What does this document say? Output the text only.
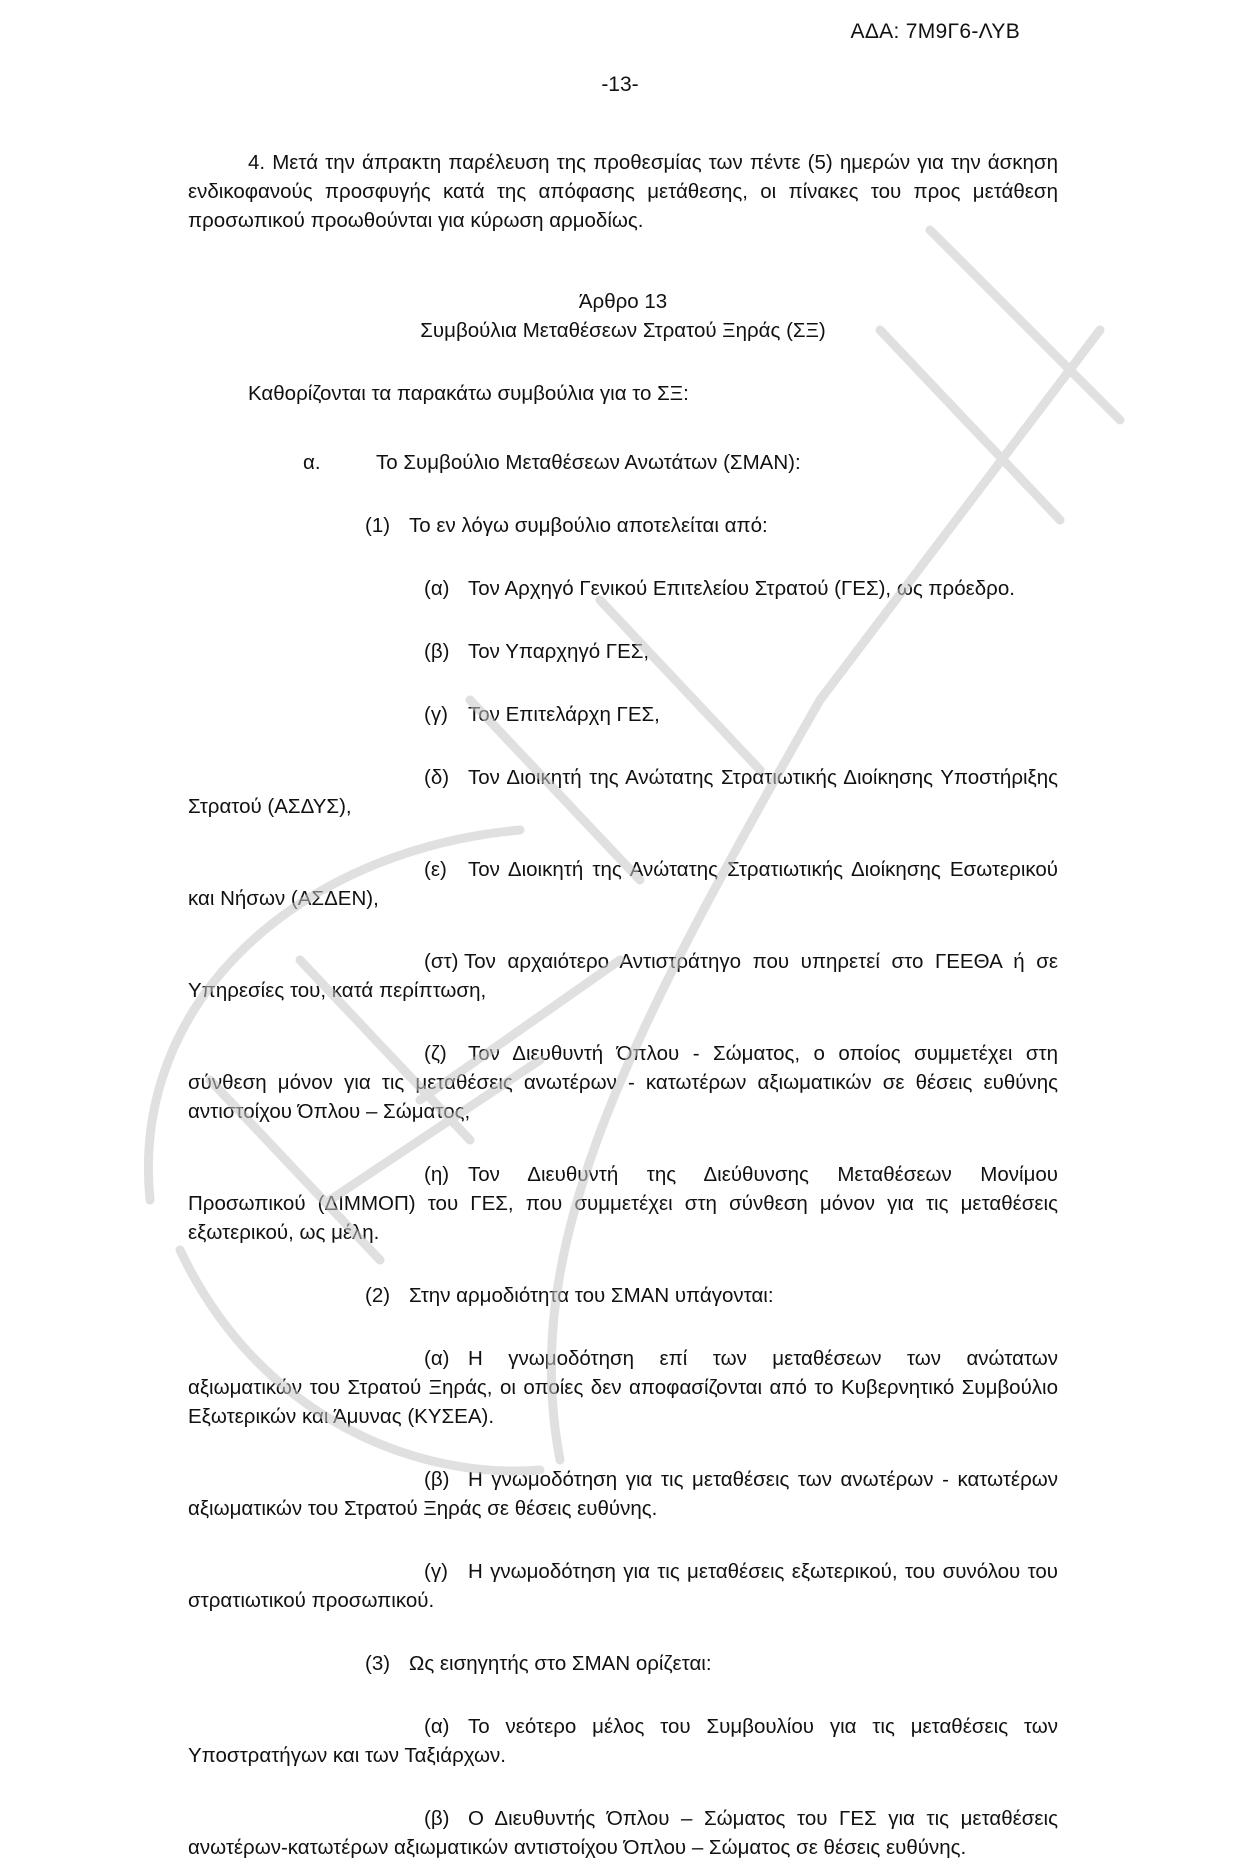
ΑΔΑ: 7Μ9Γ6-ΛΥΒ
-13-

4. Μετά την άπρακτη παρέλευση της προθεσμίας των πέντε (5) ημερών για την άσκηση ενδικοφανούς προσφυγής κατά της απόφασης μετάθεσης, οι πίνακες του προς μετάθεση προσωπικού προωθούνται για κύρωση αρμοδίως.

Άρθρο 13
Συμβούλια Μεταθέσεων Στρατού Ξηράς (ΣΞ)

Καθορίζονται τα παρακάτω συμβούλια για το ΣΞ:

α.	Το Συμβούλιο Μεταθέσεων Ανωτάτων (ΣΜΑΝ):
(1) Το εν λόγω συμβούλιο αποτελείται από:

(α) Τον Αρχηγό Γενικού Επιτελείου Στρατού (ΓΕΣ), ως πρόεδρο.

(β) Τον Υπαρχηγό ΓΕΣ,

(γ) Τον Επιτελάρχη ΓΕΣ,

(δ) Τον Διοικητή της Ανώτατης Στρατιωτικής Διοίκησης Υποστήριξης Στρατού (ΑΣΔΥΣ),

(ε) Τον Διοικητή της Ανώτατης Στρατιωτικής Διοίκησης Εσωτερικού και Νήσων (ΑΣΔΕΝ),

(στ) Τον αρχαιότερο Αντιστράτηγο που υπηρετεί στο ΓΕΕΘΑ ή σε Υπηρεσίες του, κατά περίπτωση,

(ζ) Τον Διευθυντή Όπλου - Σώματος, ο οποίος συμμετέχει στη σύνθεση μόνον για τις μεταθέσεις ανωτέρων - κατωτέρων αξιωματικών σε θέσεις ευθύνης αντιστοίχου Όπλου – Σώματος,

(η) Τον Διευθυντή της Διεύθυνσης Μεταθέσεων Μονίμου Προσωπικού (ΔΙΜΜΟΠ) του ΓΕΣ, που συμμετέχει στη σύνθεση μόνον για τις μεταθέσεις εξωτερικού, ως μέλη.

(2) Στην αρμοδιότητα του ΣΜΑΝ υπάγονται:

(α) Η γνωμοδότηση επί των μεταθέσεων των ανώτατων αξιωματικών του Στρατού Ξηράς, οι οποίες δεν αποφασίζονται από το Κυβερνητικό Συμβούλιο Εξωτερικών και Άμυνας (ΚΥΣΕΑ).

(β) Η γνωμοδότηση για τις μεταθέσεις των ανωτέρων - κατωτέρων αξιωματικών του Στρατού Ξηράς σε θέσεις ευθύνης.

(γ) Η γνωμοδότηση για τις μεταθέσεις εξωτερικού, του συνόλου του στρατιωτικού προσωπικού.

(3) Ως εισηγητής στο ΣΜΑΝ ορίζεται:

(α) Το νεότερο μέλος του Συμβουλίου για τις μεταθέσεις των Υποστρατήγων και των Ταξιάρχων.

(β) Ο Διευθυντής Όπλου – Σώματος του ΓΕΣ για τις μεταθέσεις ανωτέρων-κατωτέρων αξιωματικών αντιστοίχου Όπλου – Σώματος σε θέσεις ευθύνης.
